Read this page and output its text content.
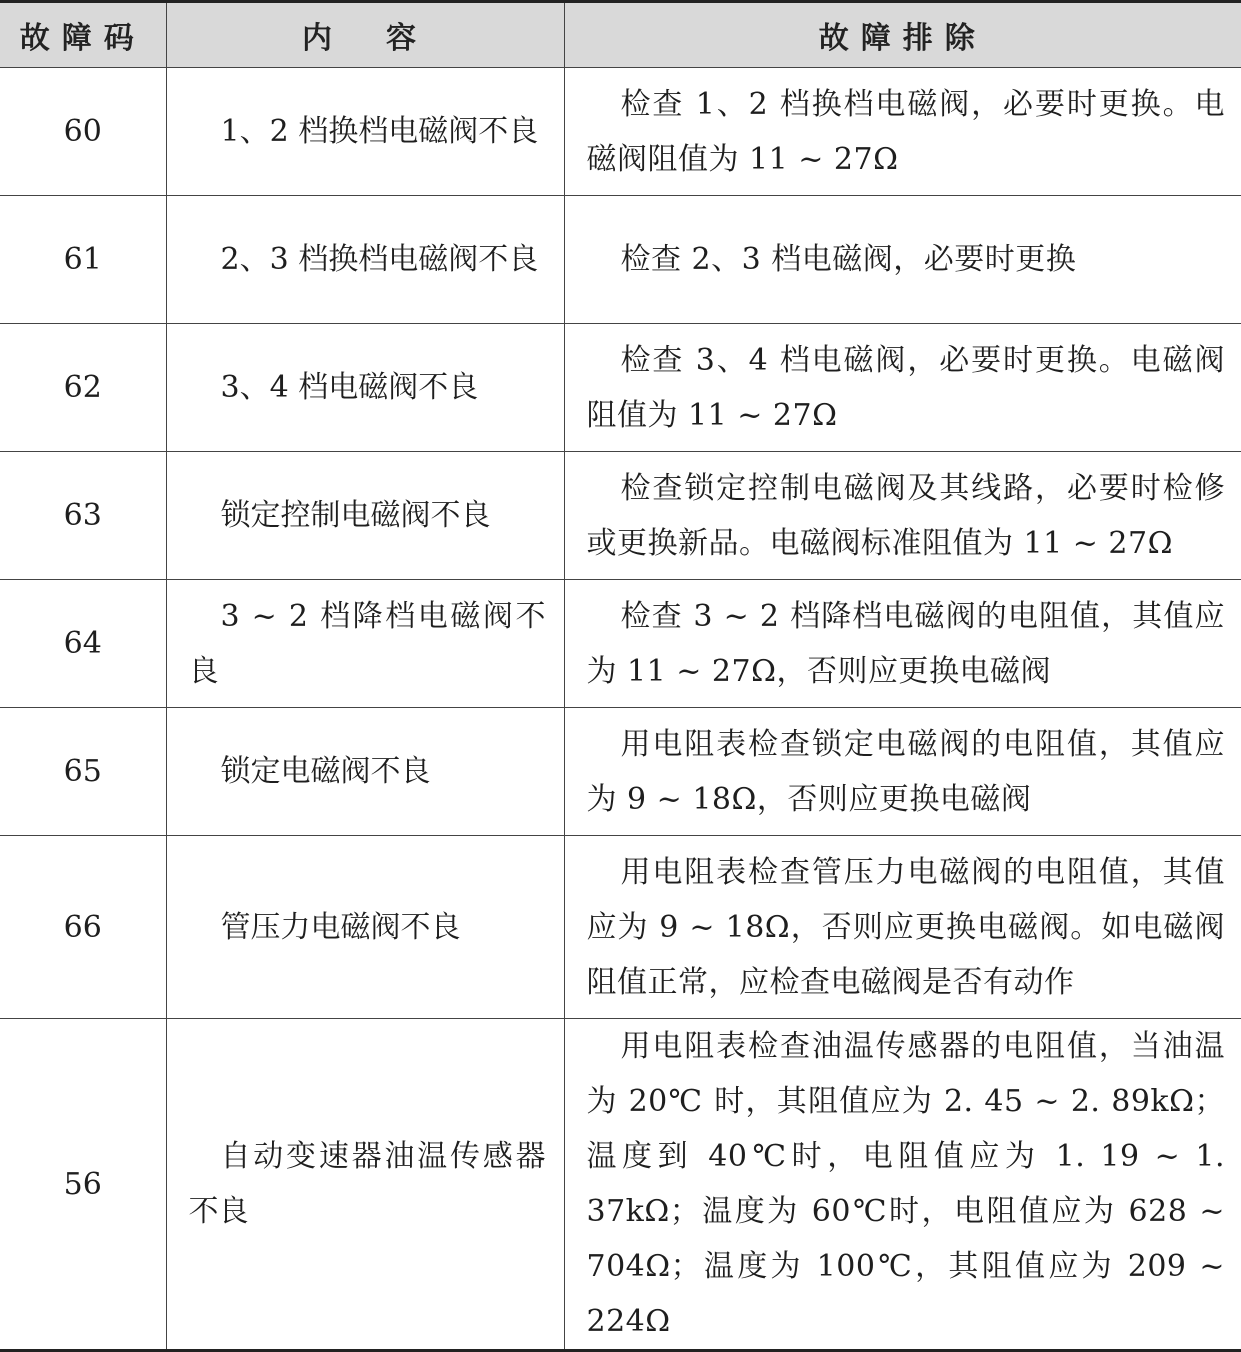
故障码	内　容	故障排除
60	1、2 档换档电磁阀不良	检查 1、2 档换档电磁阀，必要时更换。电磁阀阻值为 11 ~ 27Ω

61	2、3 档换档电磁阀不良	检查 2、3 档电磁阀，必要时更换

62	3、4 档电磁阀不良	检查 3、4 档电磁阀，必要时更换。电磁阀阻值为 11 ~ 27Ω

63	锁定控制电磁阀不良	检查锁定控制电磁阀及其线路，必要时检修或更换新品。电磁阀标准阻值为 11 ~ 27Ω

64	3 ~ 2 档降档电磁阀不良	检查 3 ~ 2 档降档电磁阀的电阻值，其值应为 11 ~ 27Ω，否则应更换电磁阀

65	锁定电磁阀不良	用电阻表检查锁定电磁阀的电阻值，其值应为 9 ~ 18Ω，否则应更换电磁阀

66	管压力电磁阀不良	用电阻表检查管压力电磁阀的电阻值，其值应为 9 ~ 18Ω，否则应更换电磁阀。如电磁阀阻值正常，应检查电磁阀是否有动作

56	自动变速器油温传感器不良	用电阻表检查油温传感器的电阻值，当油温为 20℃ 时，其阻值应为 2. 45 ~ 2. 89kΩ；温度到 40℃时，电阻值应为 1. 19 ~ 1. 37kΩ；温度为 60℃时，电阻值应为 628 ~ 704Ω；温度为 100℃，其阻值应为 209 ~ 224Ω
